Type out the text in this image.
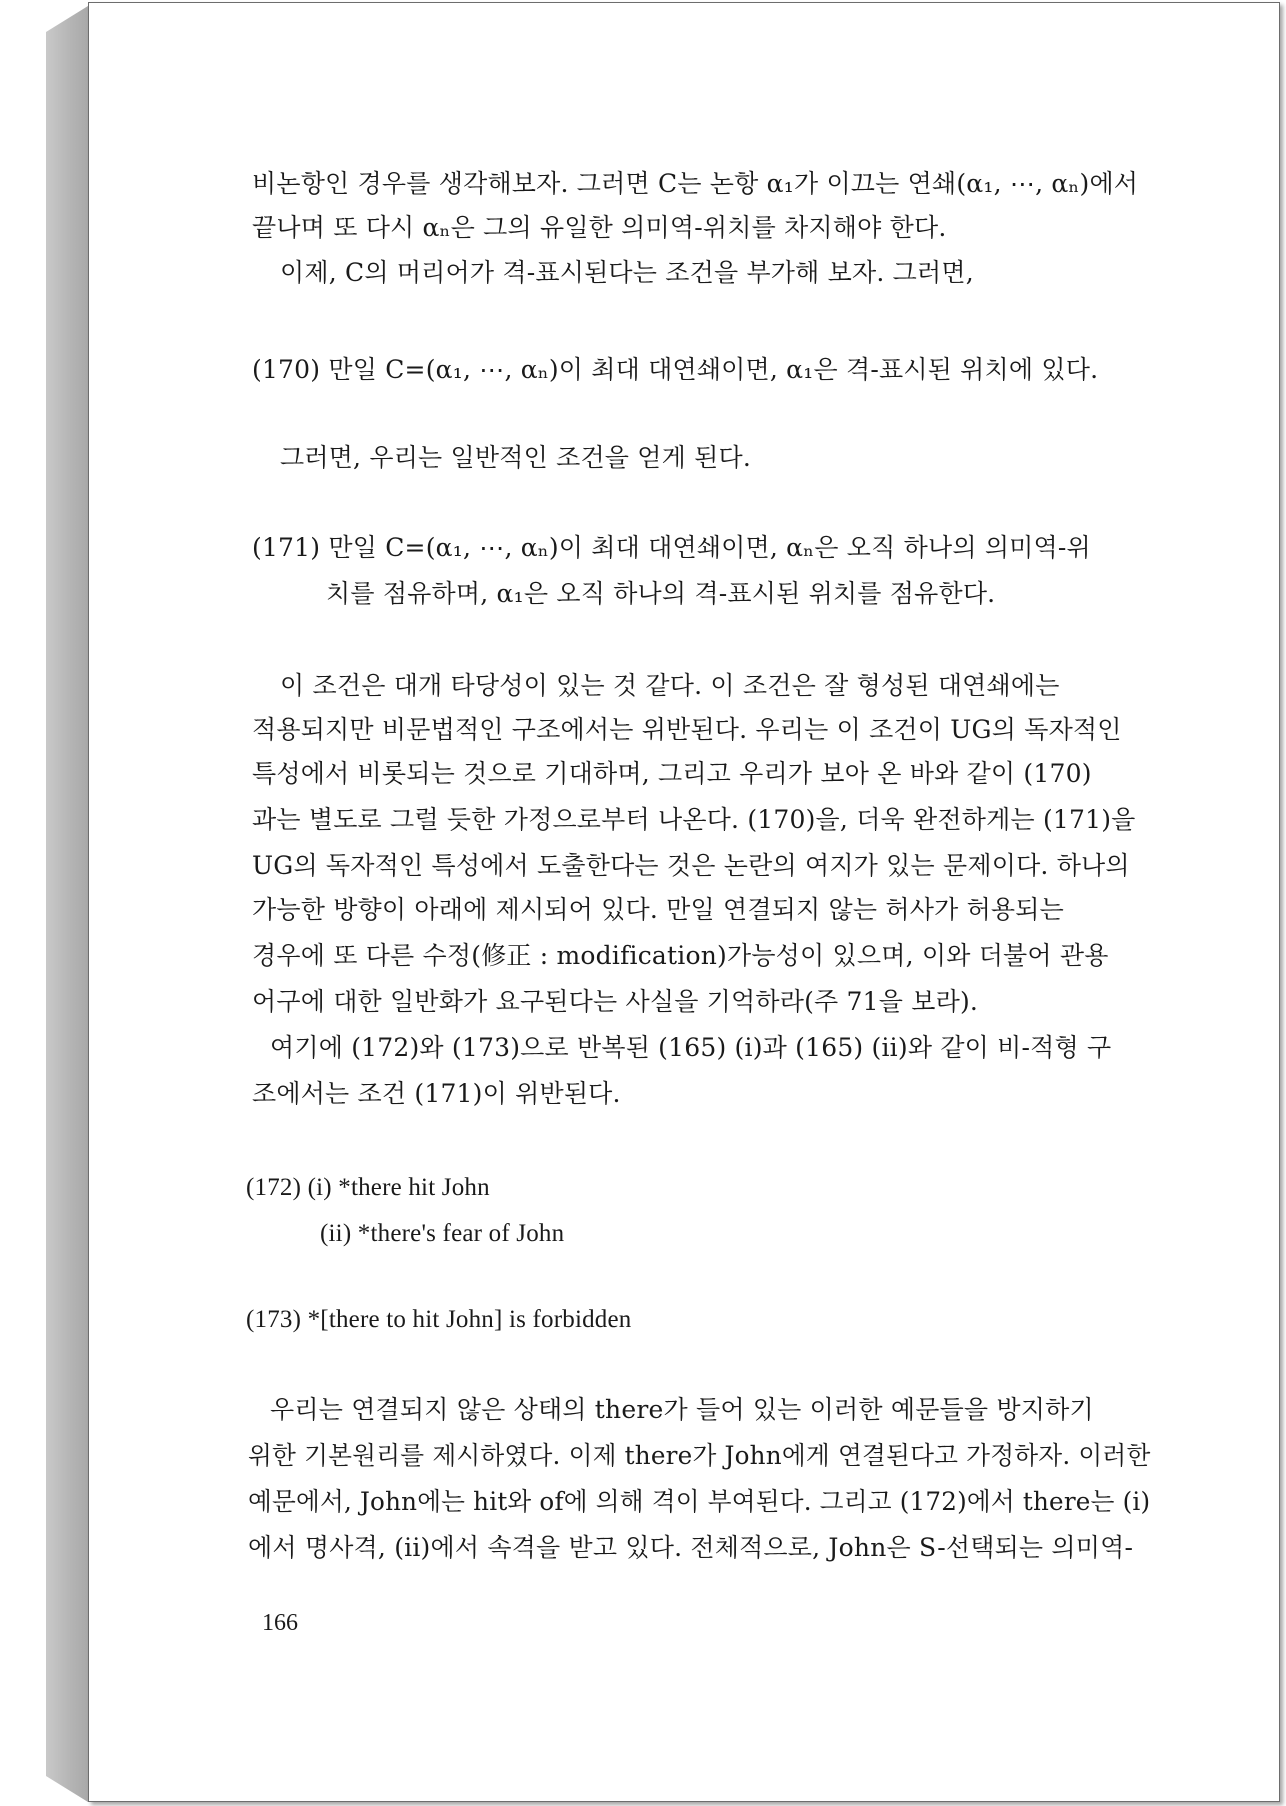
비논항인 경우를 생각해보자. 그러면 C는 논항 α₁가 이끄는 연쇄(α₁, ⋯, αₙ)에서
끝나며 또 다시 αₙ은 그의 유일한 의미역-위치를 차지해야 한다.
이제, C의 머리어가 격-표시된다는 조건을 부가해 보자. 그러면,
(170) 만일 C=(α₁, ⋯, αₙ)이 최대 대연쇄이면, α₁은 격-표시된 위치에 있다.
그러면, 우리는 일반적인 조건을 얻게 된다.
(171) 만일 C=(α₁, ⋯, αₙ)이 최대 대연쇄이면, αₙ은 오직 하나의 의미역-위
치를 점유하며, α₁은 오직 하나의 격-표시된 위치를 점유한다.
이 조건은 대개 타당성이 있는 것 같다. 이 조건은 잘 형성된 대연쇄에는
적용되지만 비문법적인 구조에서는 위반된다. 우리는 이 조건이 UG의 독자적인
특성에서 비롯되는 것으로 기대하며, 그리고 우리가 보아 온 바와 같이 (170)
과는 별도로 그럴 듯한 가정으로부터 나온다. (170)을, 더욱 완전하게는 (171)을
UG의 독자적인 특성에서 도출한다는 것은 논란의 여지가 있는 문제이다. 하나의
가능한 방향이 아래에 제시되어 있다. 만일 연결되지 않는 허사가 허용되는
경우에 또 다른 수정(修正 : modification)가능성이 있으며, 이와 더불어 관용
어구에 대한 일반화가 요구된다는 사실을 기억하라(주 71을 보라).
여기에 (172)와 (173)으로 반복된 (165) (i)과 (165) (ii)와 같이 비-적형 구
조에서는 조건 (171)이 위반된다.
(172) (i) *there hit John
(ii) *there's fear of John
(173) *[there to hit John] is forbidden
우리는 연결되지 않은 상태의 there가 들어 있는 이러한 예문들을 방지하기
위한 기본원리를 제시하였다. 이제 there가 John에게 연결된다고 가정하자. 이러한
예문에서, John에는 hit와 of에 의해 격이 부여된다. 그리고 (172)에서 there는 (i)
에서 명사격, (ii)에서 속격을 받고 있다. 전체적으로, John은 S-선택되는 의미역-
166
